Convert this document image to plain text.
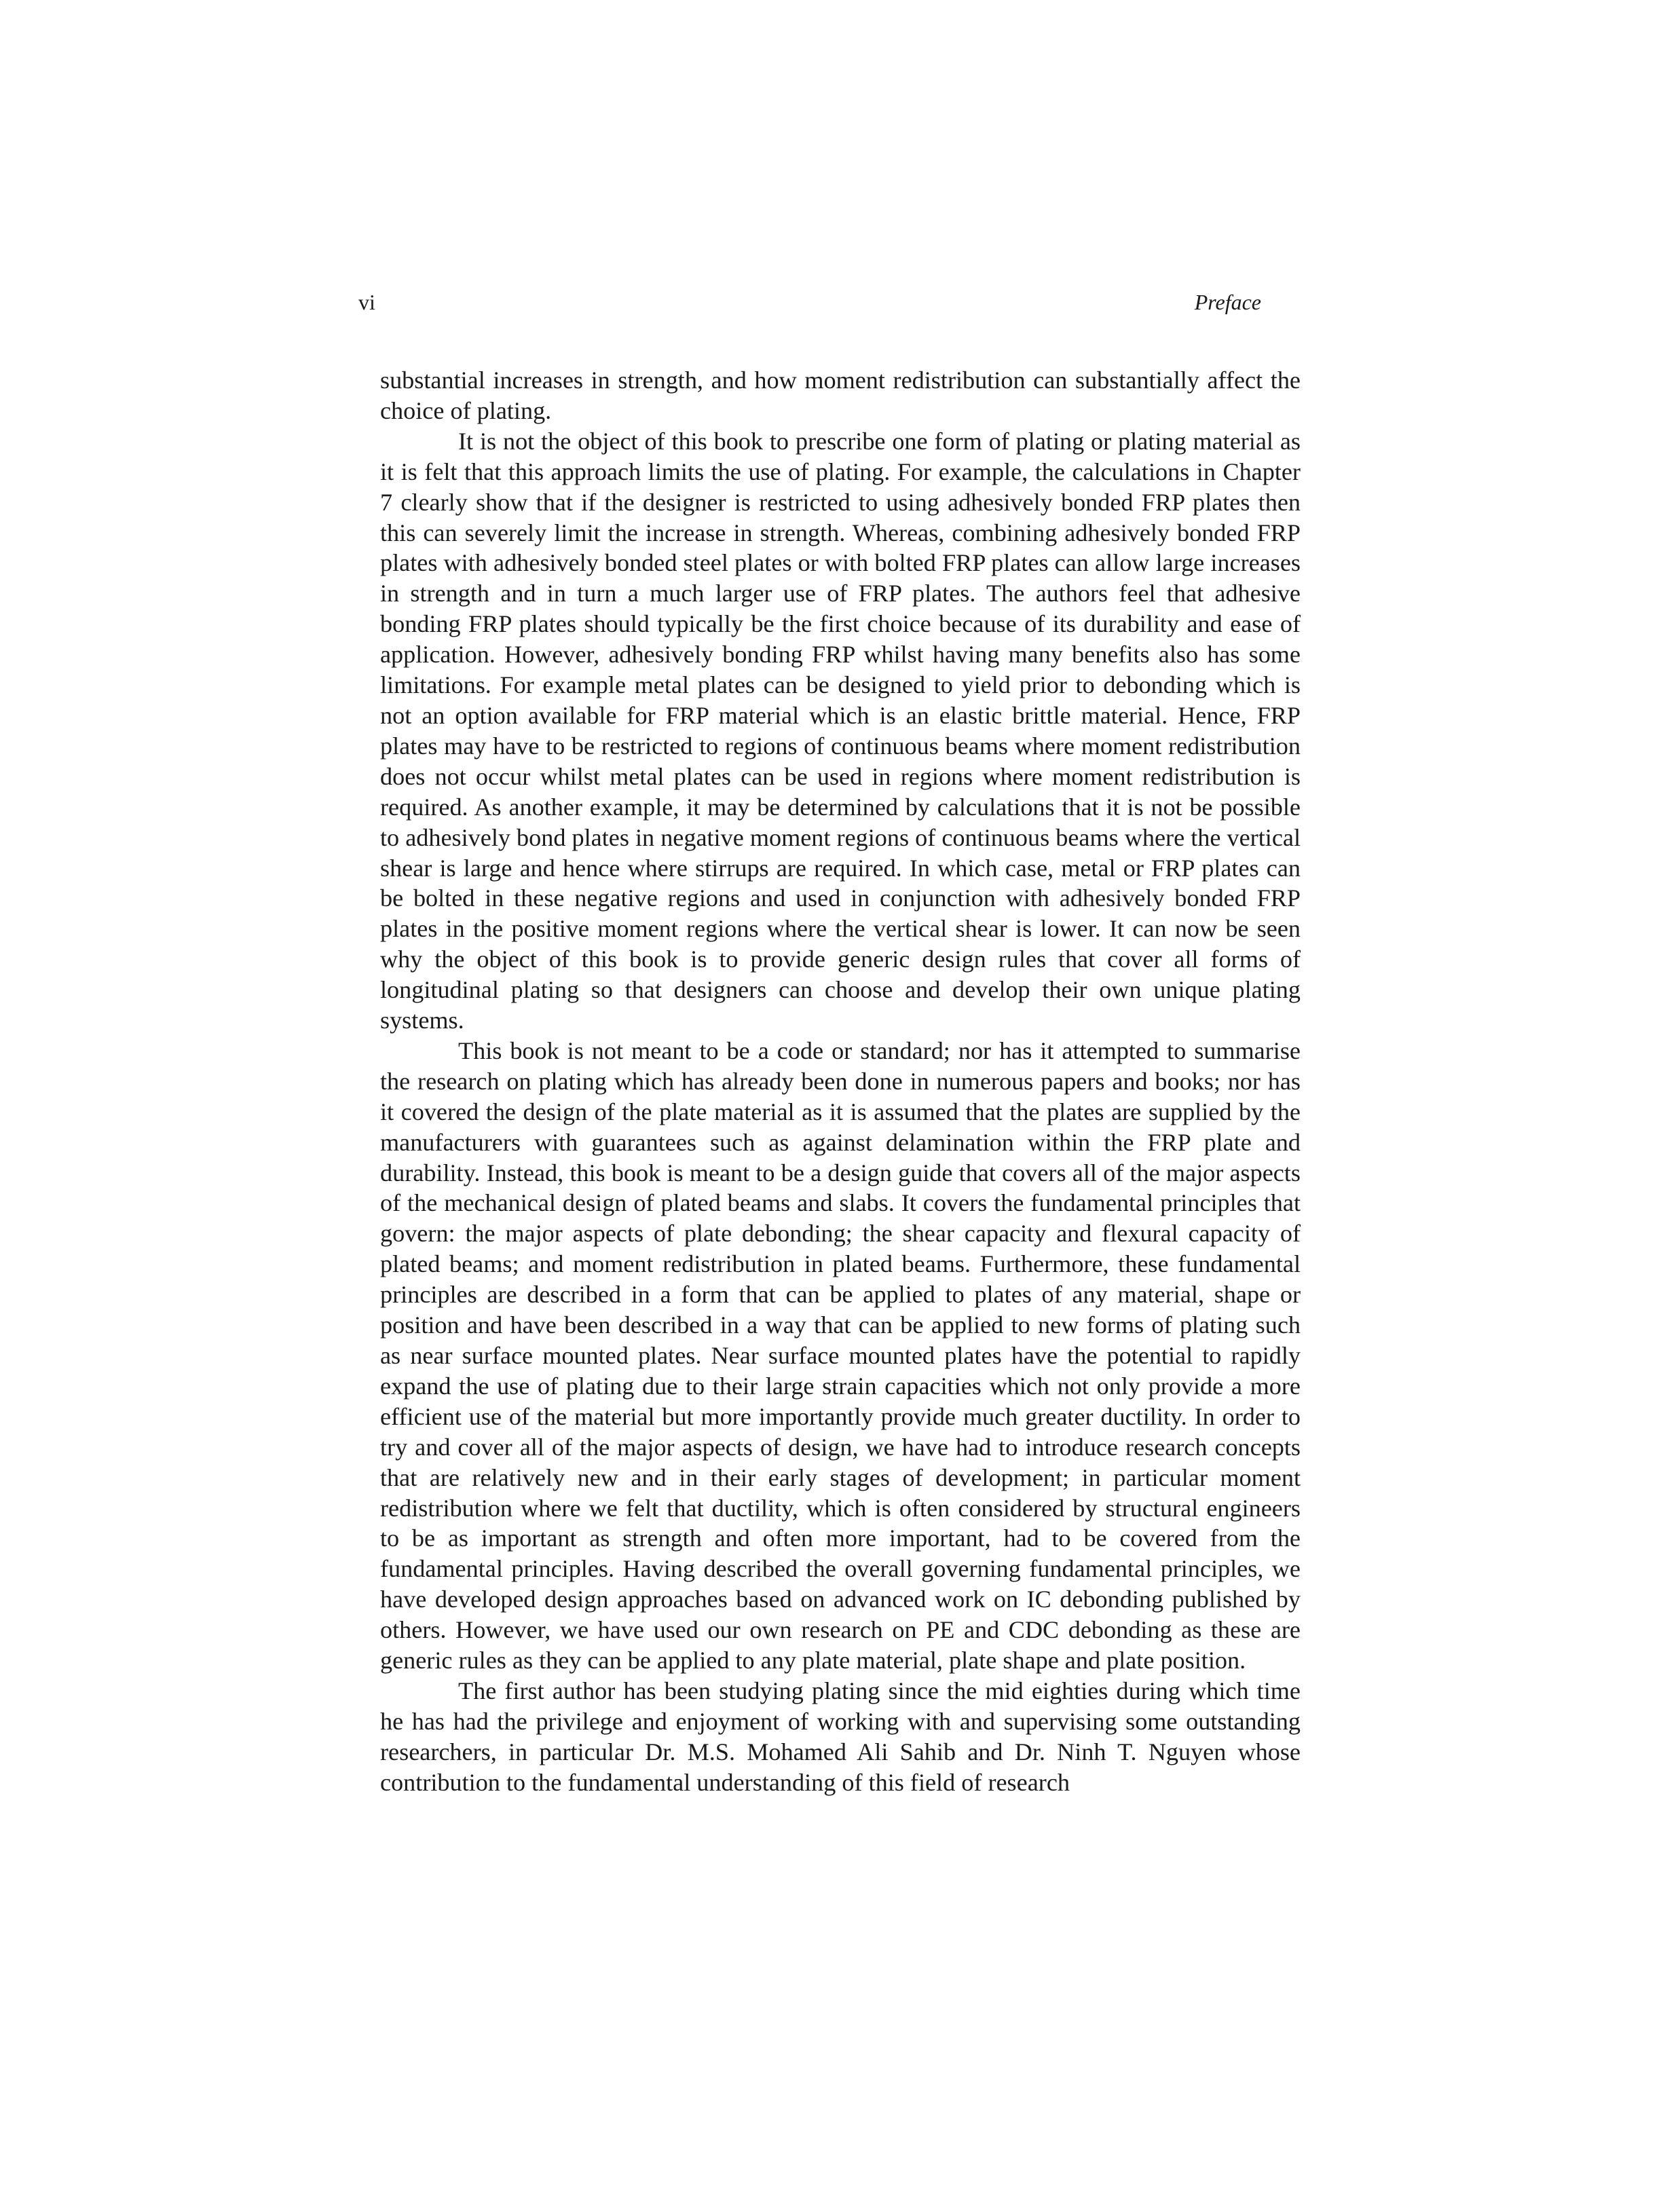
vi	Preface

substantial increases in strength, and how moment redistribution can substantially affect the choice of plating.

It is not the object of this book to prescribe one form of plating or plating material as it is felt that this approach limits the use of plating. For example, the calculations in Chapter 7 clearly show that if the designer is restricted to using adhesively bonded FRP plates then this can severely limit the increase in strength. Whereas, combining adhesively bonded FRP plates with adhesively bonded steel plates or with bolted FRP plates can allow large increases in strength and in turn a much larger use of FRP plates. The authors feel that adhesive bonding FRP plates should typically be the first choice because of its durability and ease of application. However, adhesively bonding FRP whilst having many benefits also has some limitations. For example metal plates can be designed to yield prior to debonding which is not an option available for FRP material which is an elastic brittle material. Hence, FRP plates may have to be restricted to regions of continuous beams where moment redistribution does not occur whilst metal plates can be used in regions where moment redistribution is required. As another example, it may be determined by calculations that it is not be possible to adhesively bond plates in negative moment regions of continuous beams where the vertical shear is large and hence where stirrups are required. In which case, metal or FRP plates can be bolted in these negative regions and used in conjunction with adhesively bonded FRP plates in the positive moment regions where the vertical shear is lower. It can now be seen why the object of this book is to provide generic design rules that cover all forms of longitudinal plating so that designers can choose and develop their own unique plating systems.

This book is not meant to be a code or standard; nor has it attempted to summarise the research on plating which has already been done in numerous papers and books; nor has it covered the design of the plate material as it is assumed that the plates are supplied by the manufacturers with guarantees such as against delamination within the FRP plate and durability. Instead, this book is meant to be a design guide that covers all of the major aspects of the mechanical design of plated beams and slabs. It covers the fundamental principles that govern: the major aspects of plate debonding; the shear capacity and flexural capacity of plated beams; and moment redistribution in plated beams. Furthermore, these fundamental principles are described in a form that can be applied to plates of any material, shape or position and have been described in a way that can be applied to new forms of plating such as near surface mounted plates. Near surface mounted plates have the potential to rapidly expand the use of plating due to their large strain capacities which not only provide a more efficient use of the material but more importantly provide much greater ductility. In order to try and cover all of the major aspects of design, we have had to introduce research concepts that are relatively new and in their early stages of development; in particular moment redistribution where we felt that ductility, which is often considered by structural engineers to be as important as strength and often more important, had to be covered from the fundamental principles. Having described the overall governing fundamental principles, we have developed design approaches based on advanced work on IC debonding published by others. However, we have used our own research on PE and CDC debonding as these are generic rules as they can be applied to any plate material, plate shape and plate position.

The first author has been studying plating since the mid eighties during which time he has had the privilege and enjoyment of working with and supervising some outstanding researchers, in particular Dr. M.S. Mohamed Ali Sahib and Dr. Ninh T. Nguyen whose contribution to the fundamental understanding of this field of research
